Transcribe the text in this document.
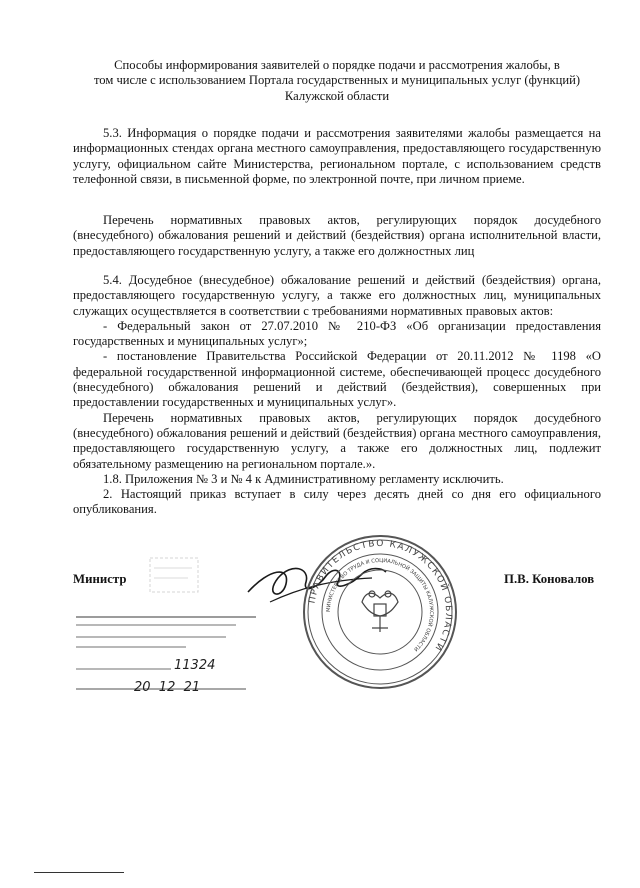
Способы информирования заявителей о порядке подачи и рассмотрения жалобы, в
том числе с использованием Портала государственных и муниципальных услуг (функций)
Калужской области

5.3. Информация о порядке подачи и рассмотрения заявителями жалобы размещается на информационных стендах органа местного самоуправления, предоставляющего государственную услугу, официальном сайте Министерства, региональном портале, с использованием средств телефонной связи, в письменной форме, по электронной почте, при личном приеме.

Перечень нормативных правовых актов, регулирующих порядок досудебного (внесудебного) обжалования решений и действий (бездействия) органа исполнительной власти, предоставляющего государственную услугу, а также его должностных лиц

5.4. Досудебное (внесудебное) обжалование решений и действий (бездействия) органа, предоставляющего государственную услугу, а также его должностных лиц, муниципальных служащих осуществляется в соответствии с требованиями нормативных правовых актов:

- Федеральный закон от 27.07.2010 № 210-ФЗ «Об организации предоставления государственных и муниципальных услуг»;

- постановление Правительства Российской Федерации от 20.11.2012 № 1198 «О федеральной государственной информационной системе, обеспечивающей процесс досудебного (внесудебного) обжалования решений и действий (бездействия), совершенных при предоставлении государственных и муниципальных услуг».

Перечень нормативных правовых актов, регулирующих порядок досудебного (внесудебного) обжалования решений и действий (бездействия) органа местного самоуправления, предоставляющего государственную услугу, а также его должностных лиц, подлежит обязательному размещению на региональном портале.».

1.8. Приложения № 3 и № 4 к Административному регламенту исключить.

2. Настоящий приказ вступает в силу через десять дней со дня его официального опубликования.

Министр	П.В. Коновалов
11324
20  12  21
ПРАВИТЕЛЬСТВО КАЛУЖСКОЙ ОБЛАСТИ
МИНИСТЕРСТВО ТРУДА И СОЦИАЛЬНОЙ ЗАЩИТЫ КАЛУЖСКОЙ ОБЛАСТИ
